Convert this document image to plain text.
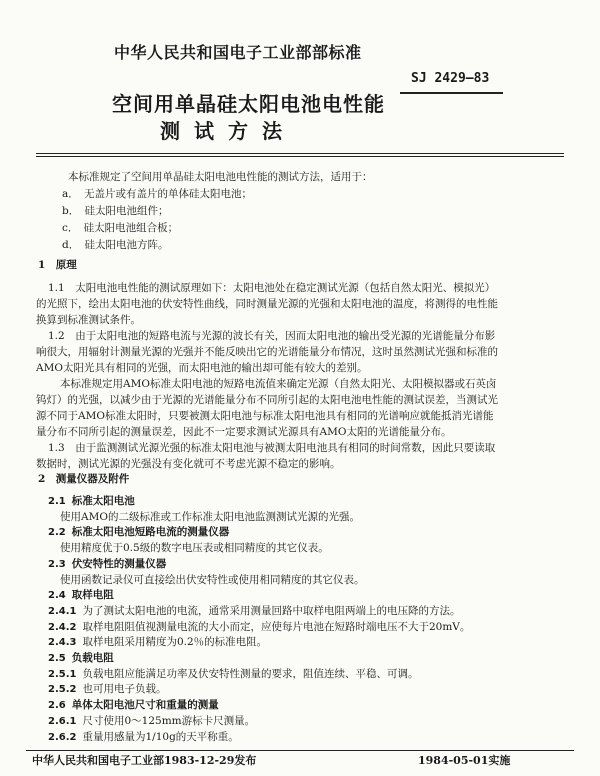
中华人民共和国电子工业部部标准
SJ 2429—83
空间用单晶硅太阳电池电性能
测试方法
本标准规定了空间用单晶硅太阳电池电性能的测试方法，适用于：
a．　无盖片或有盖片的单体硅太阳电池；
b．　硅太阳电池组件；
c．　硅太阳电池组合板；
d．　硅太阳电池方阵。
1　原理
1.1　太阳电池电性能的测试原理如下：太阳电池处在稳定测试光源（包括自然太阳光、模拟光）
的光照下，绘出太阳电池的伏安特性曲线，同时测量光源的光强和太阳电池的温度，将测得的电性能
换算到标准测试条件。
1.2　由于太阳电池的短路电流与光源的波长有关，因而太阳电池的输出受光源的光谱能量分布影
响很大，用辐射计测量光源的光强并不能反映出它的光谱能量分布情况，这时虽然测试光强和标准的
AMO太阳光具有相同的光强，而太阳电池的输出却可能有较大的差别。
本标准规定用AMO标准太阳电池的短路电流值来确定光源（自然太阳光、太阳模拟器或石英卤
钨灯）的光强，以减少由于光源的光谱能量分布不同所引起的太阳电池电性能的测试误差，当测试光
源不同于AMO标准太阳时，只要被测太阳电池与标准太阳电池具有相同的光谱响应就能抵消光谱能
量分布不同所引起的测量误差，因此不一定要求测试光源具有AMO太阳的光谱能量分布。
1.3　由于监测测试光源光强的标准太阳电池与被测太阳电池具有相同的时间常数，因此只要读取
数据时，测试光源的光强没有变化就可不考虑光源不稳定的影响。
2　测量仪器及附件
2.1 标准太阳电池
使用AMO的二级标准或工作标准太阳电池监测测试光源的光强。
2.2 标准太阳电池短路电流的测量仪器
使用精度优于0.5级的数字电压表或相同精度的其它仪表。
2.3 伏安特性的测量仪器
使用函数记录仪可直接绘出伏安特性或使用相同精度的其它仪表。
2.4 取样电阻
2.4.1 为了测试太阳电池的电流，通常采用测量回路中取样电阻两端上的电压降的方法。
2.4.2 取样电阻阻值视测量电流的大小而定，应使每片电池在短路时端电压不大于20mV。
2.4.3 取样电阻采用精度为0.2％的标准电阻。
2.5 负载电阻
2.5.1 负载电阻应能满足功率及伏安特性测量的要求，阻值连续、平稳、可调。
2.5.2 也可用电子负载。
2.6 单体太阳电池尺寸和重量的测量
2.6.1 尺寸使用0～125mm游标卡尺测量。
2.6.2 重量用感量为1/10g的天平称重。
中华人民共和国电子工业部1983-12-29发布	1984-05-01实施
